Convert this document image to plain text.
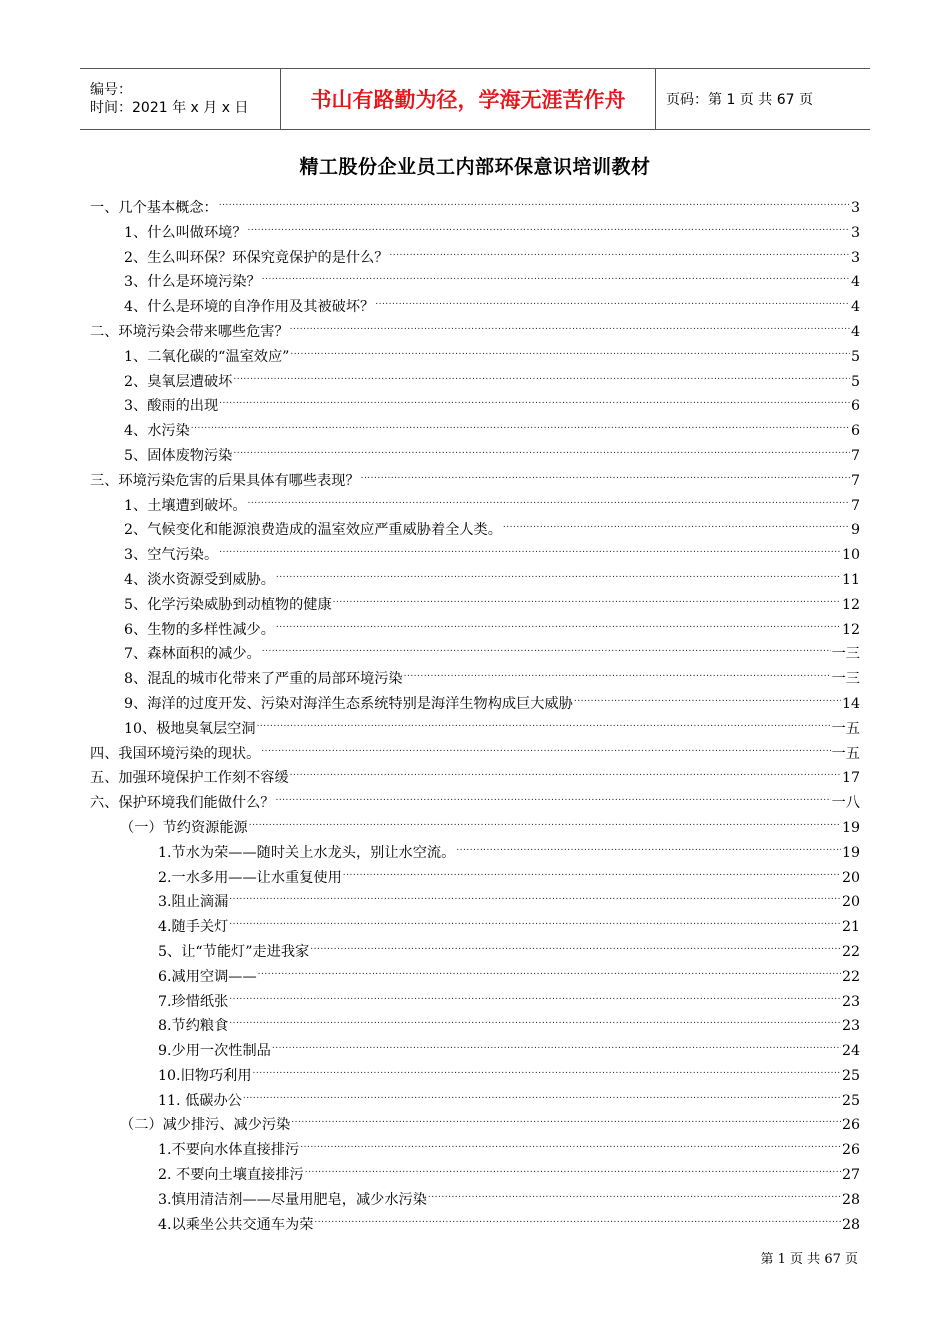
编号：
时间：2021 年 x 月 x 日	书山有路勤为径，学海无涯苦作舟	页码：第 1 页 共 67 页
精工股份企业员工内部环保意识培训教材
一、几个基本概念： .....	3
1、什么叫做环境？ .....	3
2、生么叫环保？环保究竟保护的是什么？ .....	3
3、什么是环境污染？ .....	4
4、什么是环境的自净作用及其被破坏？ .....	4
二、环境污染会带来哪些危害？ .....	4
1、二氧化碳的“温室效应” .....	5
2、臭氧层遭破坏 .....	5
3、酸雨的出现 .....	6
4、水污染 .....	6
5、固体废物污染 .....	7
三、环境污染危害的后果具体有哪些表现？ .....	7
1、土壤遭到破坏。 .....	7
2、气候变化和能源浪费造成的温室效应严重威胁着全人类。 .....	9
3、空气污染。 .....	10
4、淡水资源受到威胁。 .....	11
5、化学污染威胁到动植物的健康 .....	12
6、生物的多样性减少。 .....	12
7、森林面积的减少。 .....	一三
8、混乱的城市化带来了严重的局部环境污染 .....	一三
9、海洋的过度开发、污染对海洋生态系统特别是海洋生物构成巨大威胁 .....	14
10、极地臭氧层空洞 .....	一五
四、我国环境污染的现状。 .....	一五
五、加强环境保护工作刻不容缓 .....	17
六、保护环境我们能做什么？ .....	一八
（一）节约资源能源 .....	19
1.节水为荣——随时关上水龙头，别让水空流。 .....	19
2.一水多用——让水重复使用 .....	20
3.阻止滴漏 .....	20
4.随手关灯 .....	21
5、让“节能灯”走进我家 .....	22
6.减用空调—— .....	22
7.珍惜纸张 .....	23
8.节约粮食 .....	23
9.少用一次性制品 .....	24
10.旧物巧利用 .....	25
11. 低碳办公 .....	25
（二）减少排污、减少污染 .....	26
1.不要向水体直接排污 .....	26
2. 不要向土壤直接排污 .....	27
3.慎用清洁剂——尽量用肥皂，减少水污染 .....	28
4.以乘坐公共交通车为荣 .....	28
第 1 页 共 67 页
